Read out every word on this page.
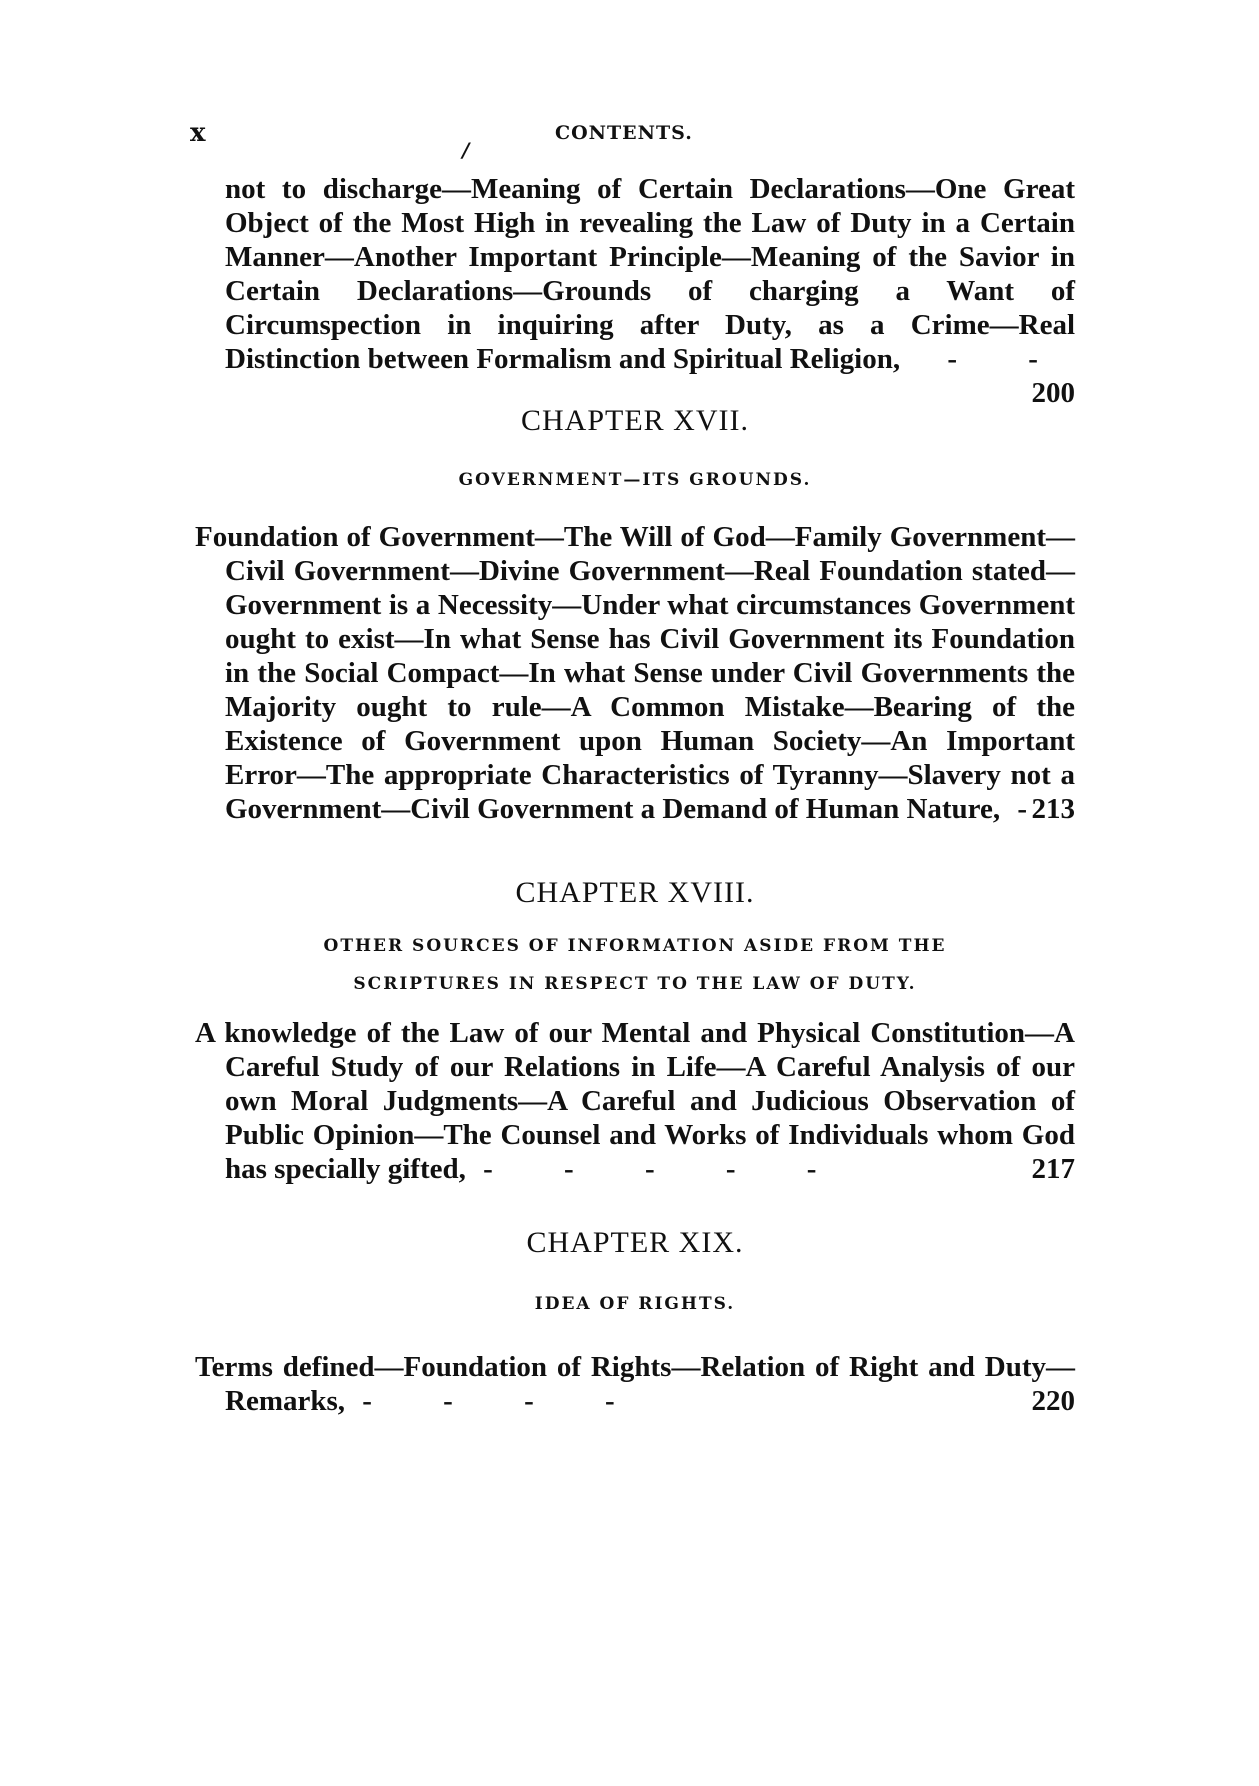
x
/
CONTENTS.
not to discharge—Meaning of Certain Declarations—One Great Object of the Most High in revealing the Law of Duty in a Certain Manner—Another Important Principle—Meaning of the Savior in Certain Declarations—Grounds of charging a Want of Circumspection in inquiring after Duty, as a Crime—Real Distinction between Formalism and Spiritual Religion, - -
200
CHAPTER XVII.
GOVERNMENT—ITS GROUNDS.
Foundation of Government—The Will of God—Family Government—Civil Government—Divine Government—Real Foundation stated—Government is a Necessity—Under what circumstances Government ought to exist—In what Sense has Civil Government its Foundation in the Social Compact—In what Sense under Civil Governments the Majority ought to rule—A Common Mistake—Bearing of the Existence of Government upon Human Society—An Important Error—The appropriate Characteristics of Tyranny—Slavery not a Government—Civil Government a Demand of Human Nature, - 213
CHAPTER XVIII.
OTHER SOURCES OF INFORMATION ASIDE FROM THE
SCRIPTURES IN RESPECT TO THE LAW OF DUTY.
A knowledge of the Law of our Mental and Physical Constitution—A Careful Study of our Relations in Life—A Careful Analysis of our own Moral Judgments—A Careful and Judicious Observation of Public Opinion—The Counsel and Works of Individuals whom God has specially gifted, - - - - -	217
CHAPTER XIX.
IDEA OF RIGHTS.
Terms defined—Foundation of Rights—Relation of Right and Duty—Remarks, - - - -	220
